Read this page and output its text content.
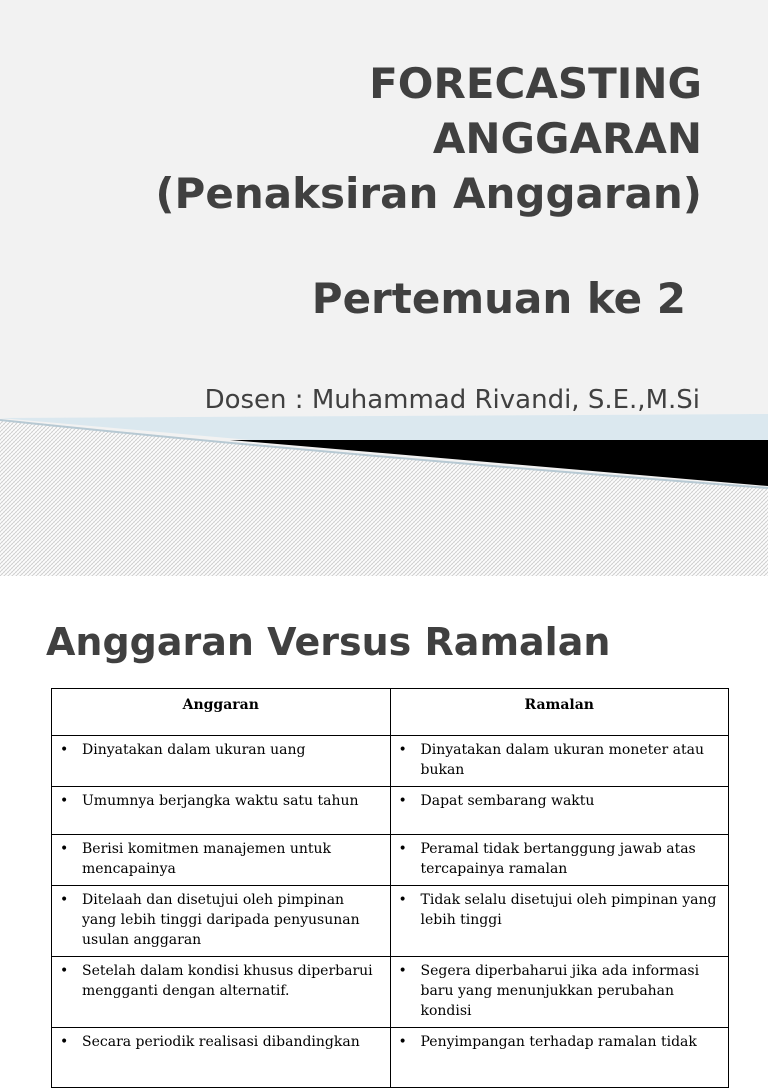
FORECASTING
ANGGARAN
(Penaksiran Anggaran)
Pertemuan ke 2
Dosen : Muhammad Rivandi, S.E.,M.Si
Anggaran Versus Ramalan
Anggaran	Ramalan

• Dinyatakan dalam ukuran uang	• Dinyatakan dalam ukuran moneter atau bukan

• Umumnya berjangka waktu satu tahun	• Dapat sembarang waktu

• Berisi komitmen manajemen untuk mencapainya	• Peramal tidak bertanggung jawab atas tercapainya ramalan

• Ditelaah dan disetujui oleh pimpinan yang lebih tinggi daripada penyusunan usulan anggaran	• Tidak selalu disetujui oleh pimpinan yang lebih tinggi

• Setelah dalam kondisi khusus diperbarui mengganti dengan alternatif.	• Segera diperbaharui jika ada informasi baru yang menunjukkan perubahan kondisi

• Secara periodik realisasi dibandingkan	• Penyimpangan terhadap ramalan tidak
